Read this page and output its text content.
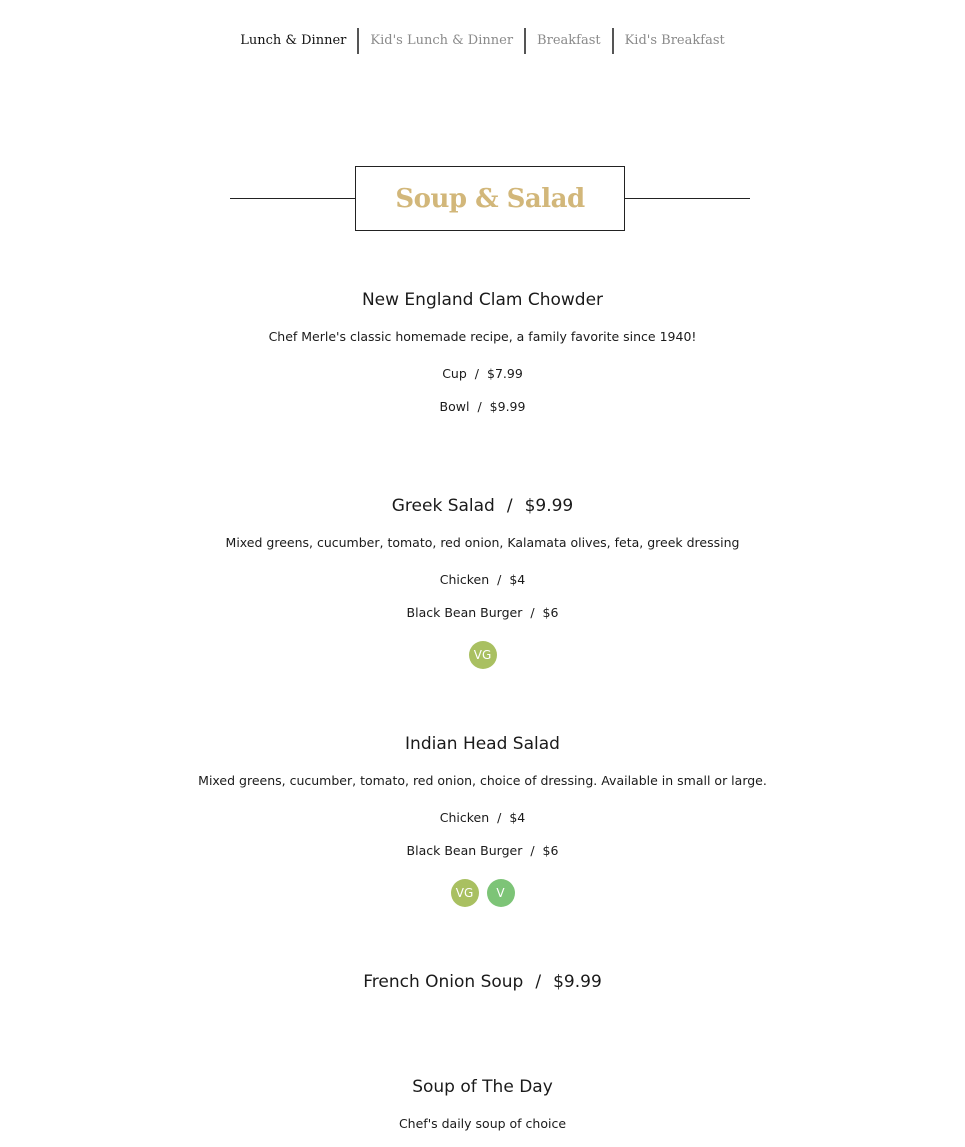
Lunch & Dinner	Kid's Lunch & Dinner	Breakfast	Kid's Breakfast
Soup & Salad
New England Clam Chowder
Chef Merle's classic homemade recipe, a family favorite since 1940!
Cup / $7.99
Bowl / $9.99
Greek Salad / $9.99
Mixed greens, cucumber, tomato, red onion, Kalamata olives, feta, greek dressing
Chicken / $4
Black Bean Burger / $6
VG
Indian Head Salad
Mixed greens, cucumber, tomato, red onion, choice of dressing. Available in small or large.
Chicken / $4
Black Bean Burger / $6
VG	V
French Onion Soup / $9.99
Soup of The Day
Chef's daily soup of choice
